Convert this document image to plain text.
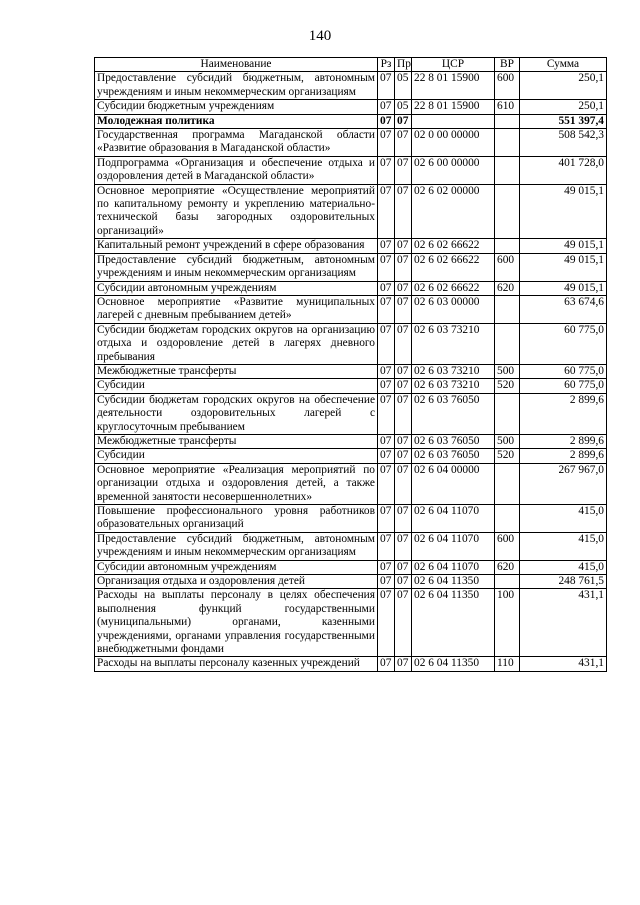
140
Наименование	Рз	Пр	ЦСР	ВР	Сумма
Предоставление субсидий бюджетным, автономным учреждениям и иным некоммерческим организациям	07	05	22 8 01 15900	600	250,1
Субсидии бюджетным учреждениям	07	05	22 8 01 15900	610	250,1
Молодежная политика	07	07			551 397,4
Государственная программа Магаданской области «Развитие образования в Магаданской области»	07	07	02 0 00 00000		508 542,3
Подпрограмма «Организация и обеспечение отдыха и оздоровления детей в Магаданской области»	07	07	02 6 00 00000		401 728,0
Основное мероприятие «Осуществление мероприятий по капитальному ремонту и укреплению материально-технической базы загородных оздоровительных организаций»	07	07	02 6 02 00000		49 015,1
Капитальный ремонт учреждений в сфере образования	07	07	02 6 02 66622		49 015,1
Предоставление субсидий бюджетным, автономным учреждениям и иным некоммерческим организациям	07	07	02 6 02 66622	600	49 015,1
Субсидии автономным учреждениям	07	07	02 6 02 66622	620	49 015,1
Основное мероприятие «Развитие муниципальных лагерей с дневным пребыванием детей»	07	07	02 6 03 00000		63 674,6
Субсидии бюджетам городских округов на организацию отдыха и оздоровление детей в лагерях дневного пребывания	07	07	02 6 03 73210		60 775,0
Межбюджетные трансферты	07	07	02 6 03 73210	500	60 775,0
Субсидии	07	07	02 6 03 73210	520	60 775,0
Субсидии бюджетам городских округов на обеспечение деятельности оздоровительных лагерей с круглосуточным пребыванием	07	07	02 6 03 76050		2 899,6
Межбюджетные трансферты	07	07	02 6 03 76050	500	2 899,6
Субсидии	07	07	02 6 03 76050	520	2 899,6
Основное мероприятие «Реализация мероприятий по организации отдыха и оздоровления детей, а также временной занятости несовершеннолетних»	07	07	02 6 04 00000		267 967,0
Повышение профессионального уровня работников образовательных организаций	07	07	02 6 04 11070		415,0
Предоставление субсидий бюджетным, автономным учреждениям и иным некоммерческим организациям	07	07	02 6 04 11070	600	415,0
Субсидии автономным учреждениям	07	07	02 6 04 11070	620	415,0
Организация отдыха и оздоровления детей	07	07	02 6 04 11350		248 761,5
Расходы на выплаты персоналу в целях обеспечения выполнения функций государственными (муниципальными) органами, казенными учреждениями, органами управления государственными внебюджетными фондами	07	07	02 6 04 11350	100	431,1
Расходы на выплаты персоналу казенных учреждений	07	07	02 6 04 11350	110	431,1
